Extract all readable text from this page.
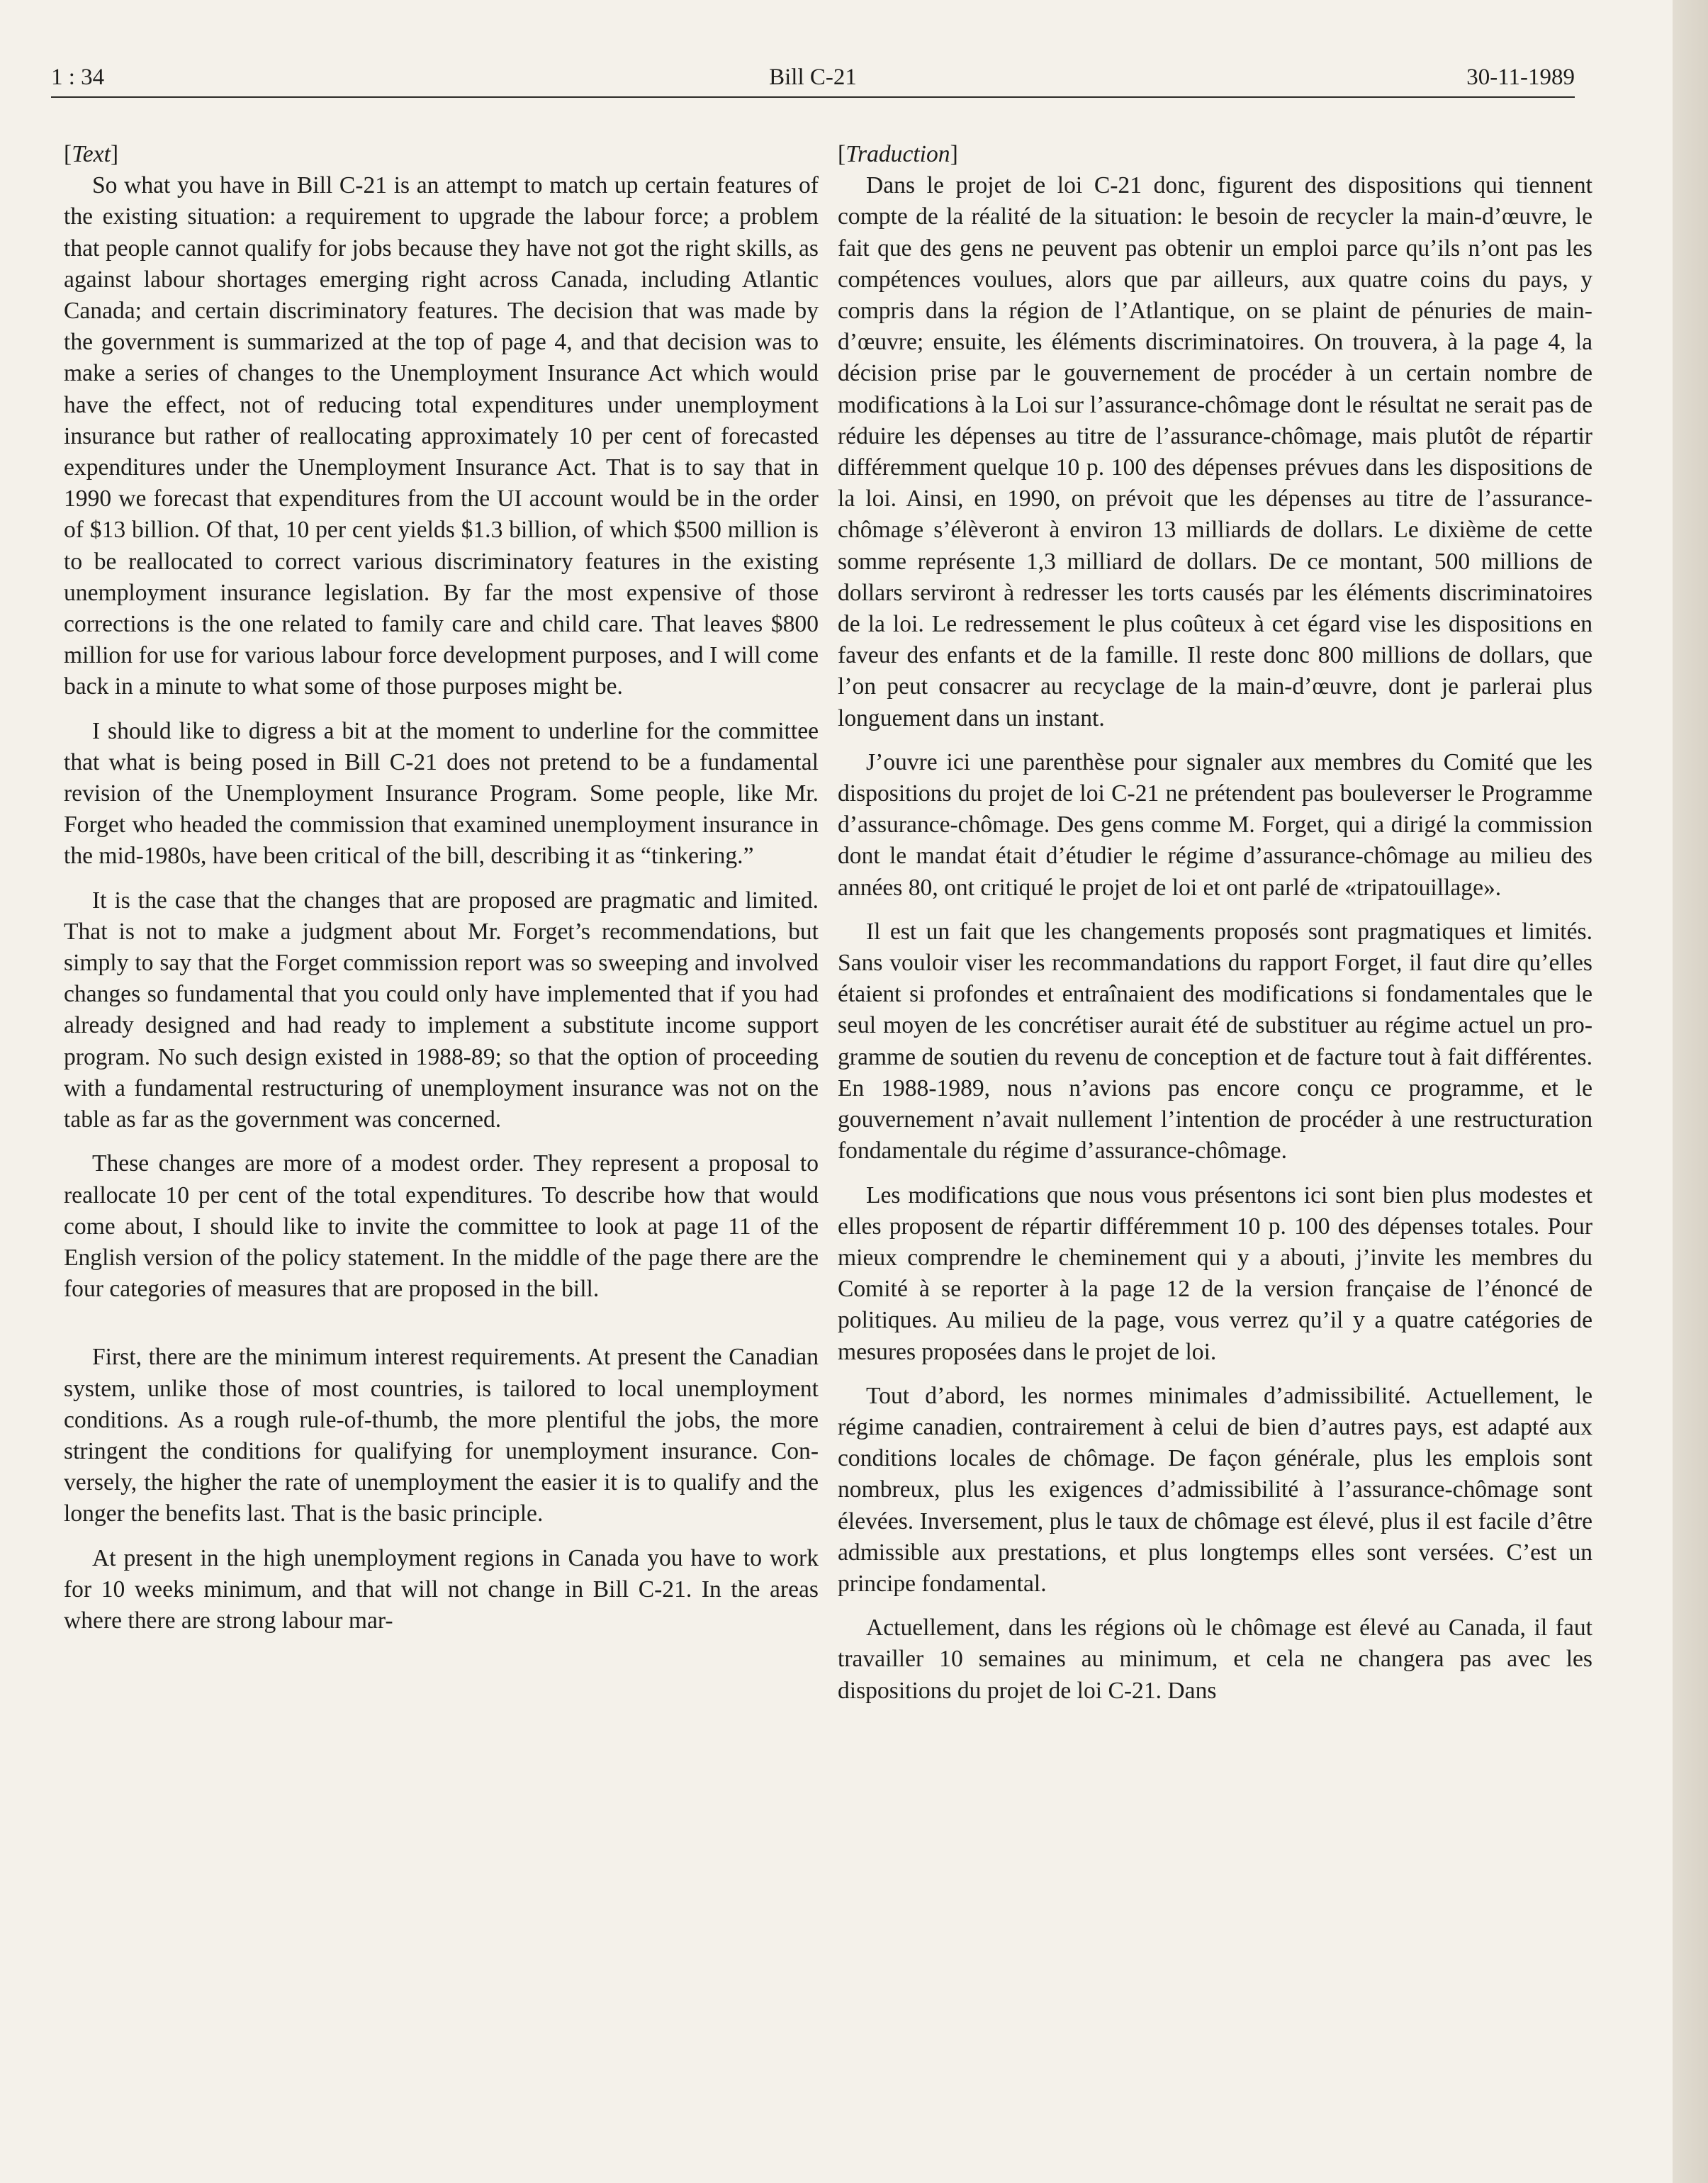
1 : 34	Bill C-21	30-11-1989

[Text]

So what you have in Bill C-21 is an attempt to match up certain features of the existing situation: a requirement to upgrade the labour force; a problem that people cannot qualify for jobs because they have not got the right skills, as against labour shortages emerging right across Canada, including Atlantic Canada; and certain discriminatory features. The decision that was made by the government is summarized at the top of page 4, and that decision was to make a series of changes to the Unemployment Insurance Act which would have the effect, not of reducing total expenditures under unemployment insurance but rather of reallocating approximately 10 per cent of forecasted expenditures under the Unemployment Insurance Act. That is to say that in 1990 we forecast that expenditures from the UI account would be in the order of $13 billion. Of that, 10 per cent yields $1.3 billion, of which $500 million is to be reallocated to correct various discriminatory features in the existing unemployment insurance legislation. By far the most expensive of those corrections is the one related to family care and child care. That leaves $800 million for use for various labour force development purposes, and I will come back in a minute to what some of those purposes might be.

I should like to digress a bit at the moment to underline for the committee that what is being posed in Bill C-21 does not pretend to be a fundamental revision of the Unemployment Insurance Program. Some people, like Mr. Forget who headed the commission that examined unemployment insurance in the mid-1980s, have been critical of the bill, describing it as “tinkering.”

It is the case that the changes that are proposed are pragmatic and limited. That is not to make a judgment about Mr. Forget’s recommendations, but simply to say that the Forget commission report was so sweeping and involved changes so fundamental that you could only have implemented that if you had already designed and had ready to implement a substitute income support program. No such design existed in 1988-89; so that the option of proceeding with a fundamental restructuring of unemployment insurance was not on the table as far as the government was concerned.

These changes are more of a modest order. They represent a proposal to reallocate 10 per cent of the total expenditures. To describe how that would come about, I should like to invite the committee to look at page 11 of the English version of the policy statement. In the middle of the page there are the four categories of measures that are proposed in the bill.

First, there are the minimum interest requirements. At present the Canadian system, unlike those of most countries, is tailored to local unemployment conditions. As a rough rule-of-thumb, the more plentiful the jobs, the more stringent the conditions for qualifying for unemployment insurance. Conversely, the higher the rate of unemployment the easier it is to qualify and the longer the benefits last. That is the basic principle.

At present in the high unemployment regions in Canada you have to work for 10 weeks minimum, and that will not change in Bill C-21. In the areas where there are strong labour mar-

[Traduction]

Dans le projet de loi C-21 donc, figurent des dispositions qui tiennent compte de la réalité de la situation: le besoin de recycler la main-d’œuvre, le fait que des gens ne peuvent pas obtenir un emploi parce qu’ils n’ont pas les compétences voulues, alors que par ailleurs, aux quatre coins du pays, y compris dans la région de l’Atlantique, on se plaint de pénuries de main-d’œuvre; ensuite, les éléments discriminatoires. On trouvera, à la page 4, la décision prise par le gouvernement de procéder à un certain nombre de modifications à la Loi sur l’assurance-chômage dont le résultat ne serait pas de réduire les dépenses au titre de l’assurance-chômage, mais plutôt de répartir différemment quelque 10 p. 100 des dépenses prévues dans les dispositions de la loi. Ainsi, en 1990, on prévoit que les dépenses au titre de l’assurance-chômage s’élèveront à environ 13 milliards de dollars. Le dixième de cette somme représente 1,3 milliard de dollars. De ce montant, 500 millions de dollars serviront à redresser les torts causés par les éléments discriminatoires de la loi. Le redressement le plus coûteux à cet égard vise les dispositions en faveur des enfants et de la famille. Il reste donc 800 millions de dollars, que l’on peut consacrer au recyclage de la main-d’œuvre, dont je parlerai plus longuement dans un instant.

J’ouvre ici une parenthèse pour signaler aux membres du Comité que les dispositions du projet de loi C-21 ne prétendent pas bouleverser le Programme d’assurance-chômage. Des gens comme M. Forget, qui a dirigé la commission dont le mandat était d’étudier le régime d’assurance-chômage au milieu des années 80, ont critiqué le projet de loi et ont parlé de «tripatouillage».

Il est un fait que les changements proposés sont pragmatiques et limités. Sans vouloir viser les recommandations du rapport Forget, il faut dire qu’elles étaient si profondes et entraînaient des modifications si fondamentales que le seul moyen de les concrétiser aurait été de substituer au régime actuel un programme de soutien du revenu de conception et de facture tout à fait différentes. En 1988-1989, nous n’avions pas encore conçu ce programme, et le gouvernement n’avait nullement l’intention de procéder à une restructuration fondamentale du régime d’assurance-chômage.

Les modifications que nous vous présentons ici sont bien plus modestes et elles proposent de répartir différemment 10 p. 100 des dépenses totales. Pour mieux comprendre le cheminement qui y a abouti, j’invite les membres du Comité à se reporter à la page 12 de la version française de l’énoncé de politiques. Au milieu de la page, vous verrez qu’il y a quatre catégories de mesures proposées dans le projet de loi.

Tout d’abord, les normes minimales d’admissibilité. Actuellement, le régime canadien, contrairement à celui de bien d’autres pays, est adapté aux conditions locales de chômage. De façon générale, plus les emplois sont nombreux, plus les exigences d’admissibilité à l’assurance-chômage sont élevées. Inversement, plus le taux de chômage est élevé, plus il est facile d’être admissible aux prestations, et plus longtemps elles sont versées. C’est un principe fondamental.

Actuellement, dans les régions où le chômage est élevé au Canada, il faut travailler 10 semaines au minimum, et cela ne changera pas avec les dispositions du projet de loi C-21. Dans
